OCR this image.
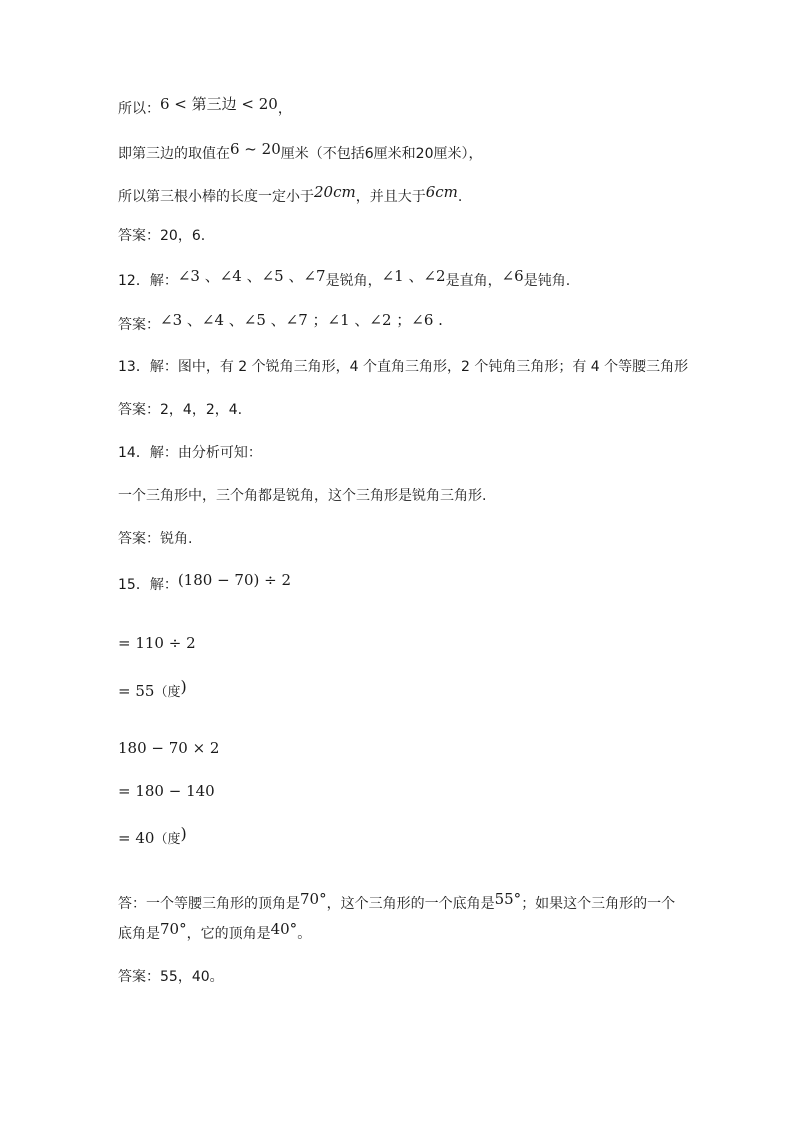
所以：6 < 第三边 < 20，
即第三边的取值在6 ~ 20厘米（不包括6厘米和20厘米），
所以第三根小棒的长度一定小于20cm，并且大于6cm.
答案：20，6.
12．解：∠3 、∠4 、∠5 、∠7是锐角，∠1 、∠2是直角，∠6是钝角.
答案：∠3 、∠4 、∠5 、∠7 ；∠1 、∠2 ；∠6 .
13．解：图中，有 2 个锐角三角形，4 个直角三角形，2 个钝角三角形；有 4 个等腰三角形
答案：2，4，2，4.
14．解：由分析可知：
一个三角形中，三个角都是锐角，这个三角形是锐角三角形.
答案：锐角.
15．解：(180 − 70) ÷ 2
= 110 ÷ 2
= 55（度)
180 − 70 × 2
= 180 − 140
= 40（度)
答：一个等腰三角形的顶角是70°，这个三角形的一个底角是55°；如果这个三角形的一个
底角是70°，它的顶角是40°。
答案：55，40。
